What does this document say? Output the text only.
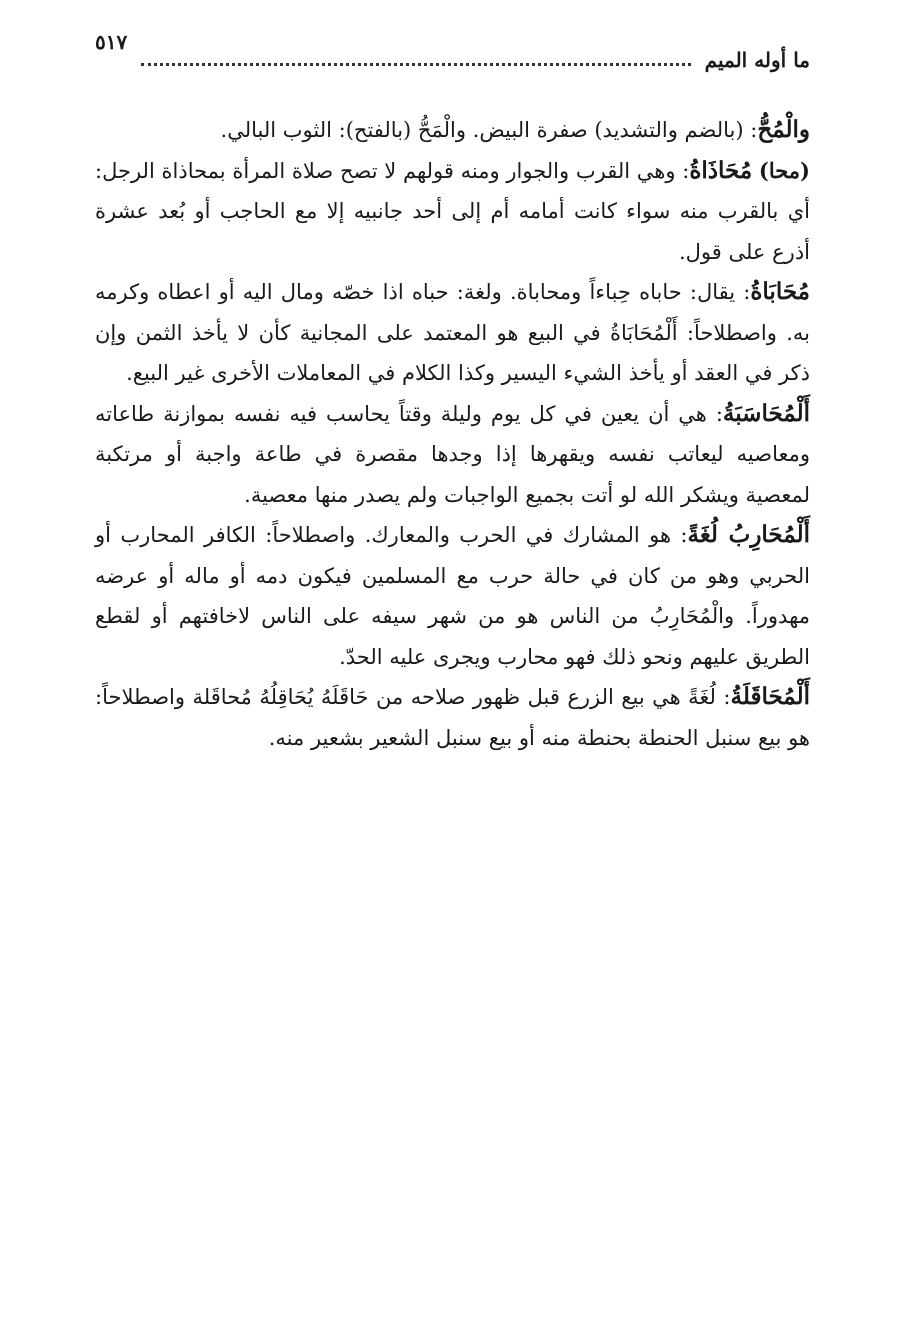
ما أوله الميم
٥١٧

والْمُحُّ: (بالضم والتشديد) صفرة البيض. والْمَحُّ (بالفتح): الثوب البالي.

(محا) مُحَاذَاةُ: وهي القرب والجوار ومنه قولهم لا تصح صلاة المرأة بمحاذاة الرجل: أي بالقرب منه سواء كانت أمامه أم إلى أحد جانبيه إلا مع الحاجب أو بُعد عشرة أذرع على قول.

مُحَابَاةُ: يقال: حاباه حِباءاً ومحاباة. ولغة: حباه اذا خصّه ومال اليه أو اعطاه وكرمه به. واصطلاحاً: أَلْمُحَابَاةُ في البيع هو المعتمد على المجانية كأن لا يأخذ الثمن وإن ذكر في العقد أو يأخذ الشيء اليسير وكذا الكلام في المعاملات الأخرى غير البيع.

أَلْمُحَاسَبَةُ: هي أن يعين في كل يوم وليلة وقتاً يحاسب فيه نفسه بموازنة طاعاته ومعاصيه ليعاتب نفسه ويقهرها إذا وجدها مقصرة في طاعة واجبة أو مرتكبة لمعصية ويشكر الله لو أتت بجميع الواجبات ولم يصدر منها معصية.

أَلْمُحَارِبُ لُغَةً: هو المشارك في الحرب والمعارك. واصطلاحاً: الكافر المحارب أو الحربي وهو من كان في حالة حرب مع المسلمين فيكون دمه أو ماله أو عرضه مهدوراً. والْمُحَارِبُ من الناس هو من شهر سيفه على الناس لاخافتهم أو لقطع الطريق عليهم ونحو ذلك فهو محارب ويجرى عليه الحدّ.

أَلْمُحَاقَلَةُ: لُغَةً هي بيع الزرع قبل ظهور صلاحه من حَاقَلَهُ يُحَاقِلُهُ مُحاقَلة واصطلاحاً: هو بيع سنبل الحنطة بحنطة منه أو بيع سنبل الشعير بشعير منه.
